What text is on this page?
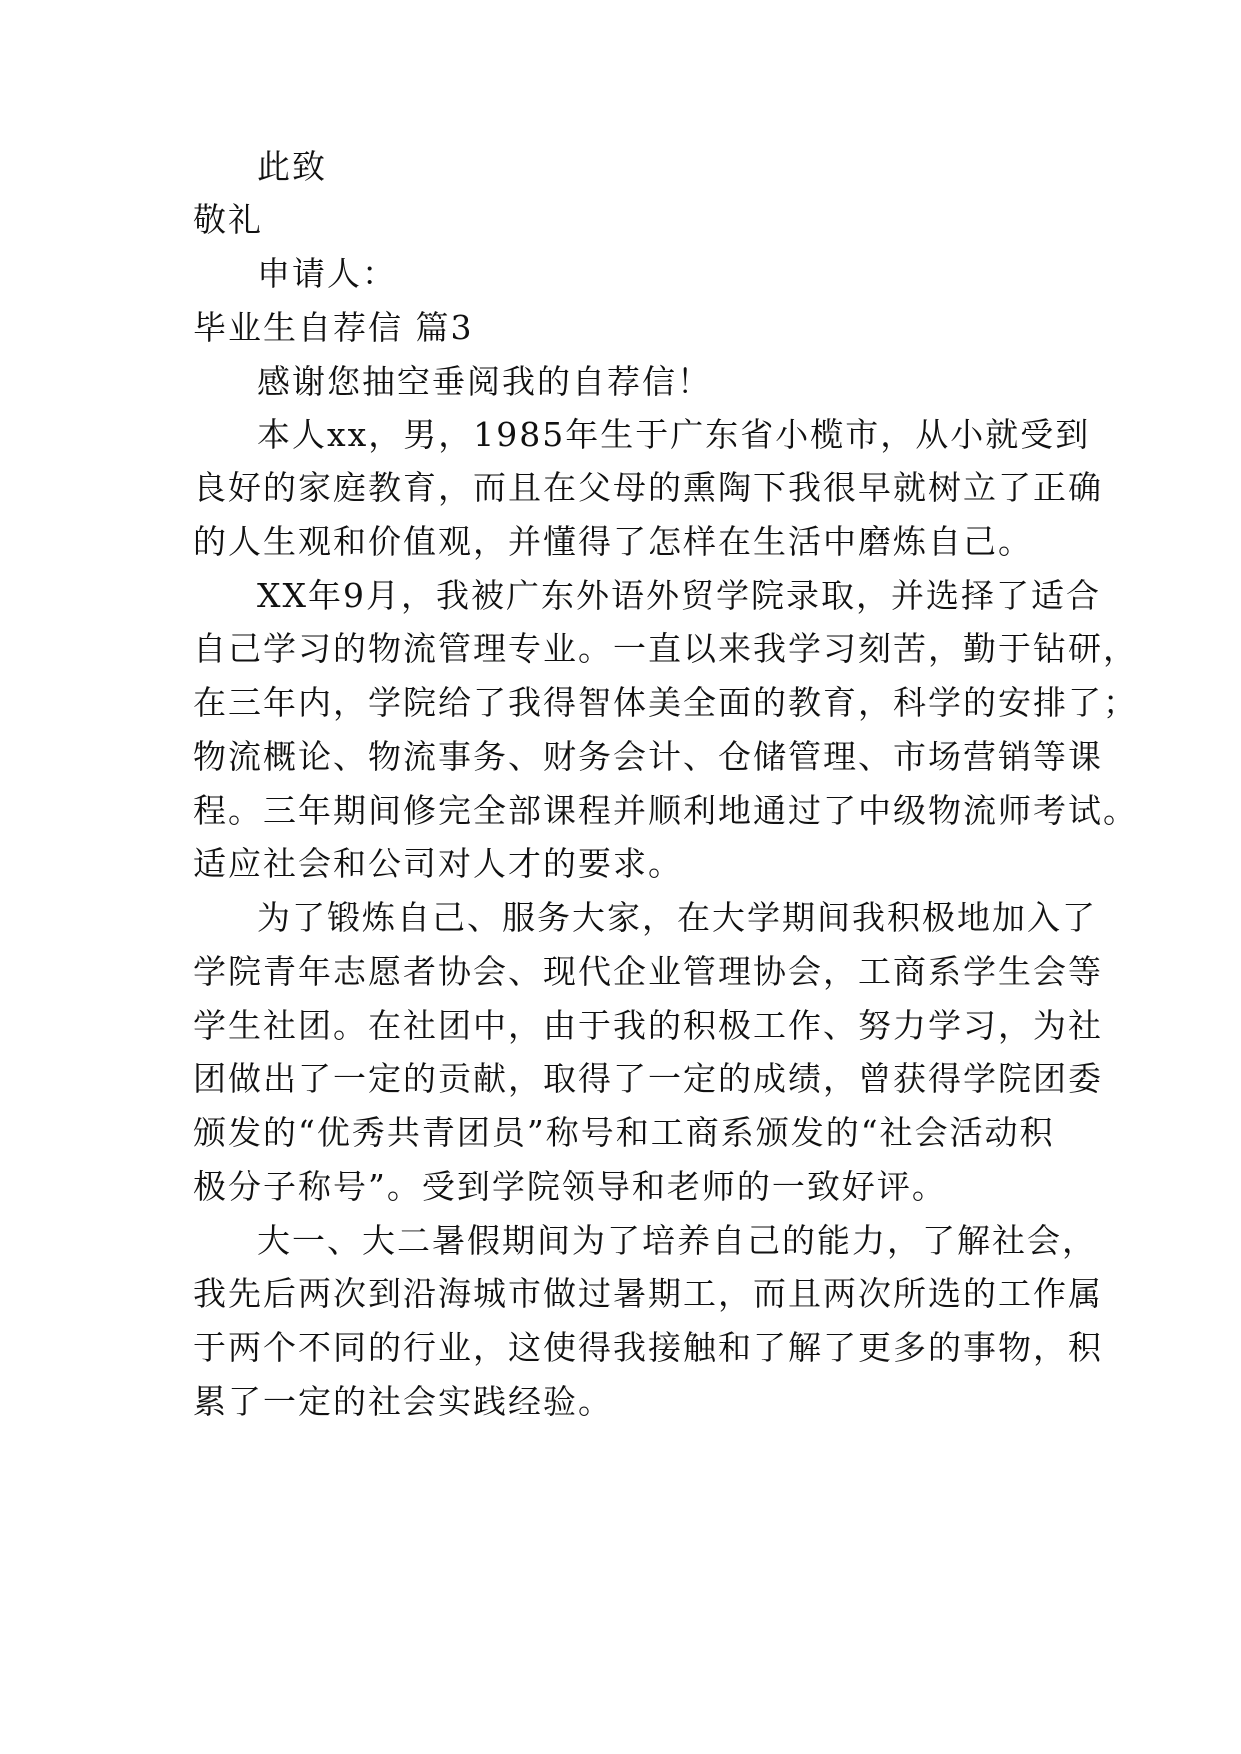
此致
敬礼
申请人：
毕业生自荐信 篇3
感谢您抽空垂阅我的自荐信！
本人xx，男，1985年生于广东省小榄市，从小就受到
良好的家庭教育，而且在父母的熏陶下我很早就树立了正确
的人生观和价值观，并懂得了怎样在生活中磨炼自己。
XX年9月，我被广东外语外贸学院录取，并选择了适合
自己学习的物流管理专业。一直以来我学习刻苦，勤于钻研，
在三年内，学院给了我得智体美全面的教育，科学的安排了；
物流概论、物流事务、财务会计、仓储管理、市场营销等课
程。三年期间修完全部课程并顺利地通过了中级物流师考试。
适应社会和公司对人才的要求。
为了锻炼自己、服务大家，在大学期间我积极地加入了
学院青年志愿者协会、现代企业管理协会，工商系学生会等
学生社团。在社团中，由于我的积极工作、努力学习，为社
团做出了一定的贡献，取得了一定的成绩，曾获得学院团委
颁发的“优秀共青团员”称号和工商系颁发的“社会活动积
极分子称号”。受到学院领导和老师的一致好评。
大一、大二暑假期间为了培养自己的能力，了解社会，
我先后两次到沿海城市做过暑期工，而且两次所选的工作属
于两个不同的行业，这使得我接触和了解了更多的事物，积
累了一定的社会实践经验。
